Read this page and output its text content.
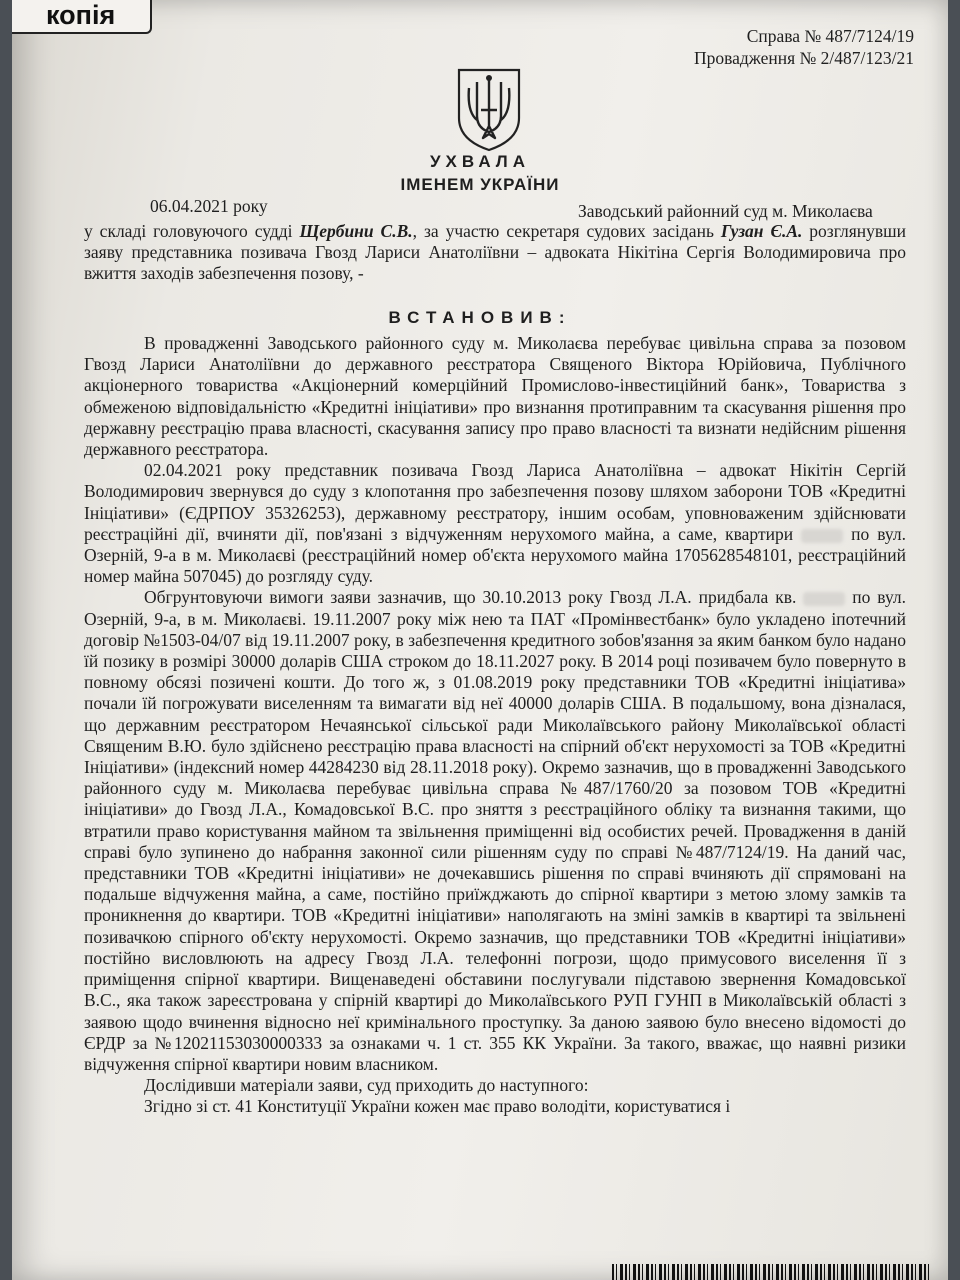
копія
Справа № 487/7124/19
Провадження № 2/487/123/21
УХВАЛА
ІМЕНЕМ УКРАЇНИ
06.04.2021 року	Заводський районний суд м. Миколаєва

у складі головуючого судді Щербини С.В., за участю секретаря судових засідань Гузан Є.А. розглянувши заяву представника позивача Гвозд Лариси Анатоліївни – адвоката Нікітіна Сергія Володимировича про вжиття заходів забезпечення позову, -

ВСТАНОВИВ:

В провадженні Заводського районного суду м. Миколаєва перебуває цивільна справа за позовом Гвозд Лариси Анатоліївни до державного реєстратора Священого Віктора Юрійовича, Публічного акціонерного товариства «Акціонерний комерційний Промислово-інвестиційний банк», Товариства з обмеженою відповідальністю «Кредитні ініціативи» про визнання протиправним та скасування рішення про державну реєстрацію права власності, скасування запису про право власності та визнати недійсним рішення державного реєстратора.

02.04.2021 року представник позивача Гвозд Лариса Анатоліївна – адвокат Нікітін Сергій Володимирович звернувся до суду з клопотання про забезпечення позову шляхом заборони ТОВ «Кредитні Ініціативи» (ЄДРПОУ 35326253), державному реєстратору, іншим особам, уповноваженим здійснювати реєстраційні дії, вчиняти дії, пов'язані з відчуженням нерухомого майна, а саме, квартири	по вул. Озерній, 9-а в м. Миколаєві (реєстраційний номер об'єкта нерухомого майна 1705628548101, реєстраційний номер майна 507045) до розгляду суду.

Обгрунтовуючи вимоги заяви зазначив, що 30.10.2013 року Гвозд Л.А. придбала кв.	по вул. Озерній, 9-а, в м. Миколаєві. 19.11.2007 року між нею та ПАТ «Промінвестбанк» було укладено іпотечний договір №1503-04/07 від 19.11.2007 року, в забезпечення кредитного зобов'язання за яким банком було надано їй позику в розмірі 30000 доларів США строком до 18.11.2027 року. В 2014 році позивачем було повернуто в повному обсязі позичені кошти. До того ж, з 01.08.2019 року представники ТОВ «Кредитні ініціатива» почали їй погрожувати виселенням та вимагати від неї 40000 доларів США. В подальшому, вона дізналася, що державним реєстратором Нечаянської сільської ради Миколаївського району Миколаївської області Священим В.Ю. було здійснено реєстрацію права власності на спірний об'єкт нерухомості за ТОВ «Кредитні Ініціативи» (індексний номер 44284230 від 28.11.2018 року). Окремо зазначив, що в провадженні Заводського районного суду м. Миколаєва перебуває цивільна справа №487/1760/20 за позовом ТОВ «Кредитні ініціативи» до Гвозд Л.А., Комадовської В.С. про зняття з реєстраційного обліку та визнання такими, що втратили право користування майном та звільнення приміщенні від особистих речей. Провадження в даній справі було зупинено до набрання законної сили рішенням суду по справі №487/7124/19. На даний час, представники ТОВ «Кредитні ініціативи» не дочекавшись рішення по справі вчиняють дії спрямовані на подальше відчуження майна, а саме, постійно приїжджають до спірної квартири з метою злому замків та проникнення до квартири. ТОВ «Кредитні ініціативи» наполягають на зміні замків в квартирі та звільнені позивачкою спірного об'єкту нерухомості. Окремо зазначив, що представники ТОВ «Кредитні ініціативи» постійно висловлюють на адресу Гвозд Л.А. телефонні погрози, щодо примусового виселення її з приміщення спірної квартири. Вищенаведені обставини послугували підставою звернення Комадовської В.С., яка також зареєстрована у спірній квартирі до Миколаївського РУП ГУНП в Миколаївській області з заявою щодо вчинення відносно неї кримінального проступку. За даною заявою було внесено відомості до ЄРДР за №12021153030000333 за ознаками ч. 1 ст. 355 КК України. За такого, вважає, що наявні ризики відчуження спірної квартири новим власником.

Дослідивши матеріали заяви, суд приходить до наступного:

Згідно зі ст. 41 Конституції України кожен має право володіти, користуватися і
